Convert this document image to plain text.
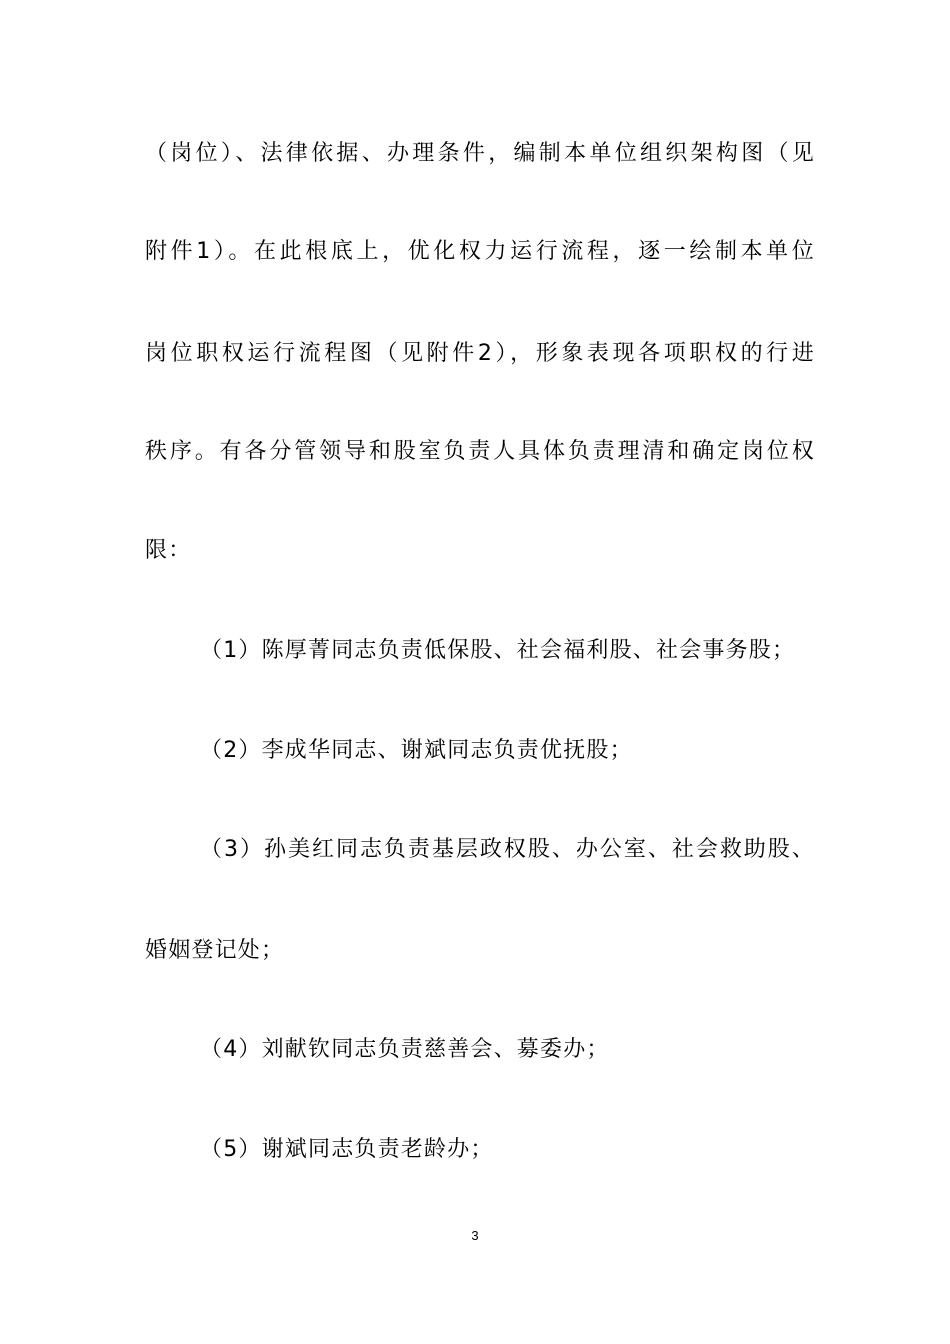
（岗位）、法律依据、办理条件，编制本单位组织架构图（见
附件1）。在此根底上，优化权力运行流程，逐一绘制本单位
岗位职权运行流程图（见附件2），形象表现各项职权的行进
秩序。有各分管领导和股室负责人具体负责理清和确定岗位权
限：
（1）陈厚菁同志负责低保股、社会福利股、社会事务股；
（2）李成华同志、谢斌同志负责优抚股；
（3）孙美红同志负责基层政权股、办公室、社会救助股、
婚姻登记处；
（4）刘献钦同志负责慈善会、募委办；
（5）谢斌同志负责老龄办；
3
